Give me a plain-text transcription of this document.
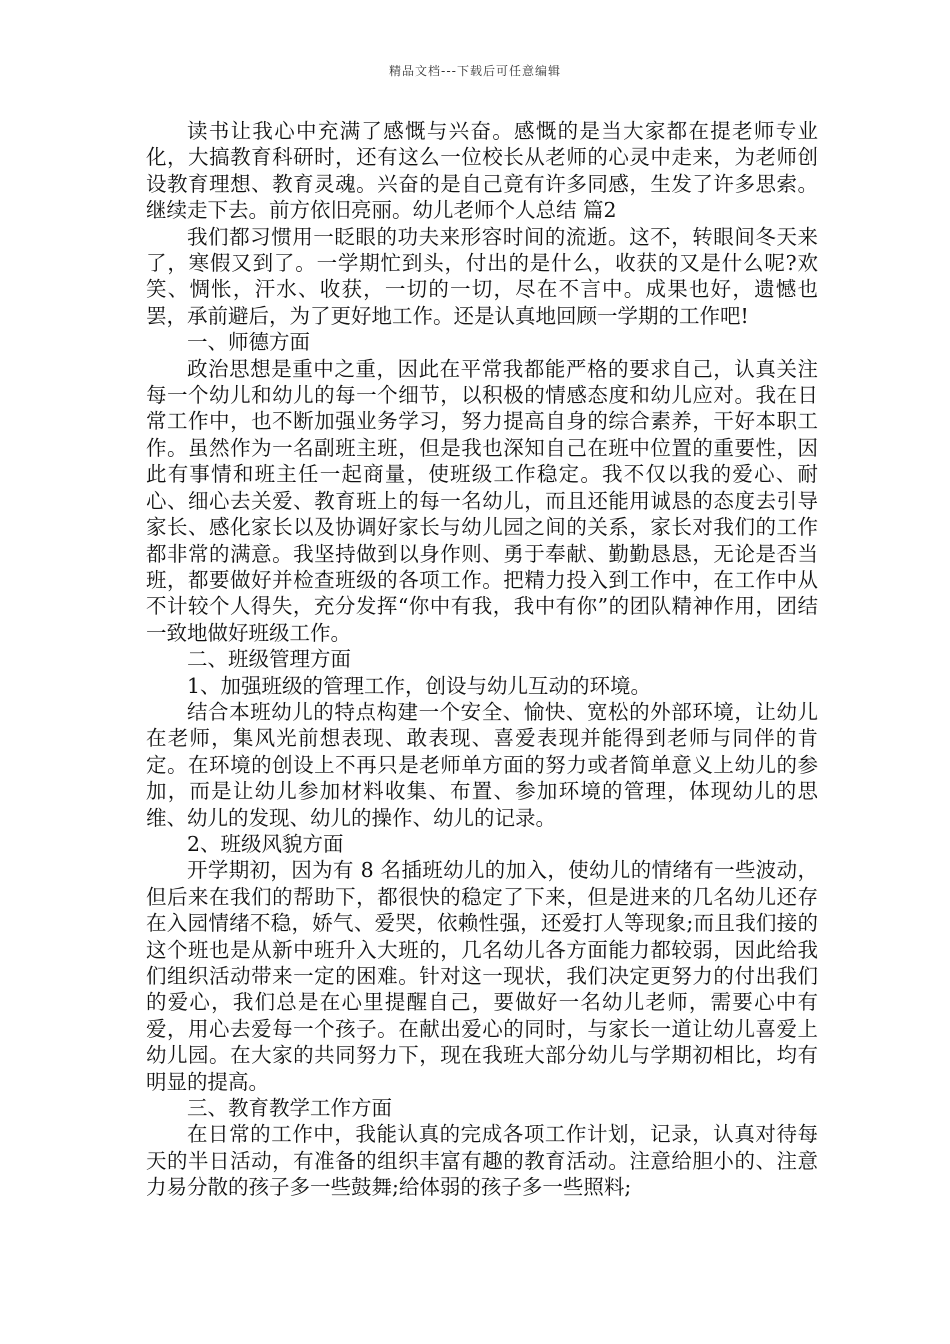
精品文档---下载后可任意编辑

读书让我心中充满了感慨与兴奋。感慨的是当大家都在提老师专业化，大搞教育科研时，还有这么一位校长从老师的心灵中走来，为老师创设教育理想、教育灵魂。兴奋的是自己竟有许多同感，生发了许多思索。继续走下去。前方依旧亮丽。幼儿老师个人总结 篇2

我们都习惯用一眨眼的功夫来形容时间的流逝。这不，转眼间冬天来了，寒假又到了。一学期忙到头，付出的是什么，收获的又是什么呢?欢笑、惆怅，汗水、收获，一切的一切，尽在不言中。成果也好，遗憾也罢，承前避后，为了更好地工作。还是认真地回顾一学期的工作吧!

一、师德方面

政治思想是重中之重，因此在平常我都能严格的要求自己，认真关注每一个幼儿和幼儿的每一个细节，以积极的情感态度和幼儿应对。我在日常工作中，也不断加强业务学习，努力提高自身的综合素养，干好本职工作。虽然作为一名副班主班，但是我也深知自己在班中位置的重要性，因此有事情和班主任一起商量，使班级工作稳定。我不仅以我的爱心、耐心、细心去关爱、教育班上的每一名幼儿，而且还能用诚恳的态度去引导家长、感化家长以及协调好家长与幼儿园之间的关系，家长对我们的工作都非常的满意。我坚持做到以身作则、勇于奉献、勤勤恳恳，无论是否当班，都要做好并检查班级的各项工作。把精力投入到工作中，在工作中从不计较个人得失，充分发挥“你中有我，我中有你”的团队精神作用，团结一致地做好班级工作。

二、班级管理方面

1、加强班级的管理工作，创设与幼儿互动的环境。

结合本班幼儿的特点构建一个安全、愉快、宽松的外部环境，让幼儿在老师，集风光前想表现、敢表现、喜爱表现并能得到老师与同伴的肯定。在环境的创设上不再只是老师单方面的努力或者简单意义上幼儿的参加，而是让幼儿参加材料收集、布置、参加环境的管理，体现幼儿的思维、幼儿的发现、幼儿的操作、幼儿的记录。

2、班级风貌方面

开学期初，因为有 8 名插班幼儿的加入，使幼儿的情绪有一些波动，但后来在我们的帮助下，都很快的稳定了下来，但是进来的几名幼儿还存在入园情绪不稳，娇气、爱哭，依赖性强，还爱打人等现象;而且我们接的这个班也是从新中班升入大班的，几名幼儿各方面能力都较弱，因此给我们组织活动带来一定的困难。针对这一现状，我们决定更努力的付出我们的爱心，我们总是在心里提醒自己，要做好一名幼儿老师，需要心中有爱，用心去爱每一个孩子。在献出爱心的同时，与家长一道让幼儿喜爱上幼儿园。在大家的共同努力下，现在我班大部分幼儿与学期初相比，均有明显的提高。

三、教育教学工作方面

在日常的工作中，我能认真的完成各项工作计划，记录，认真对待每天的半日活动，有准备的组织丰富有趣的教育活动。注意给胆小的、注意力易分散的孩子多一些鼓舞;给体弱的孩子多一些照料;
